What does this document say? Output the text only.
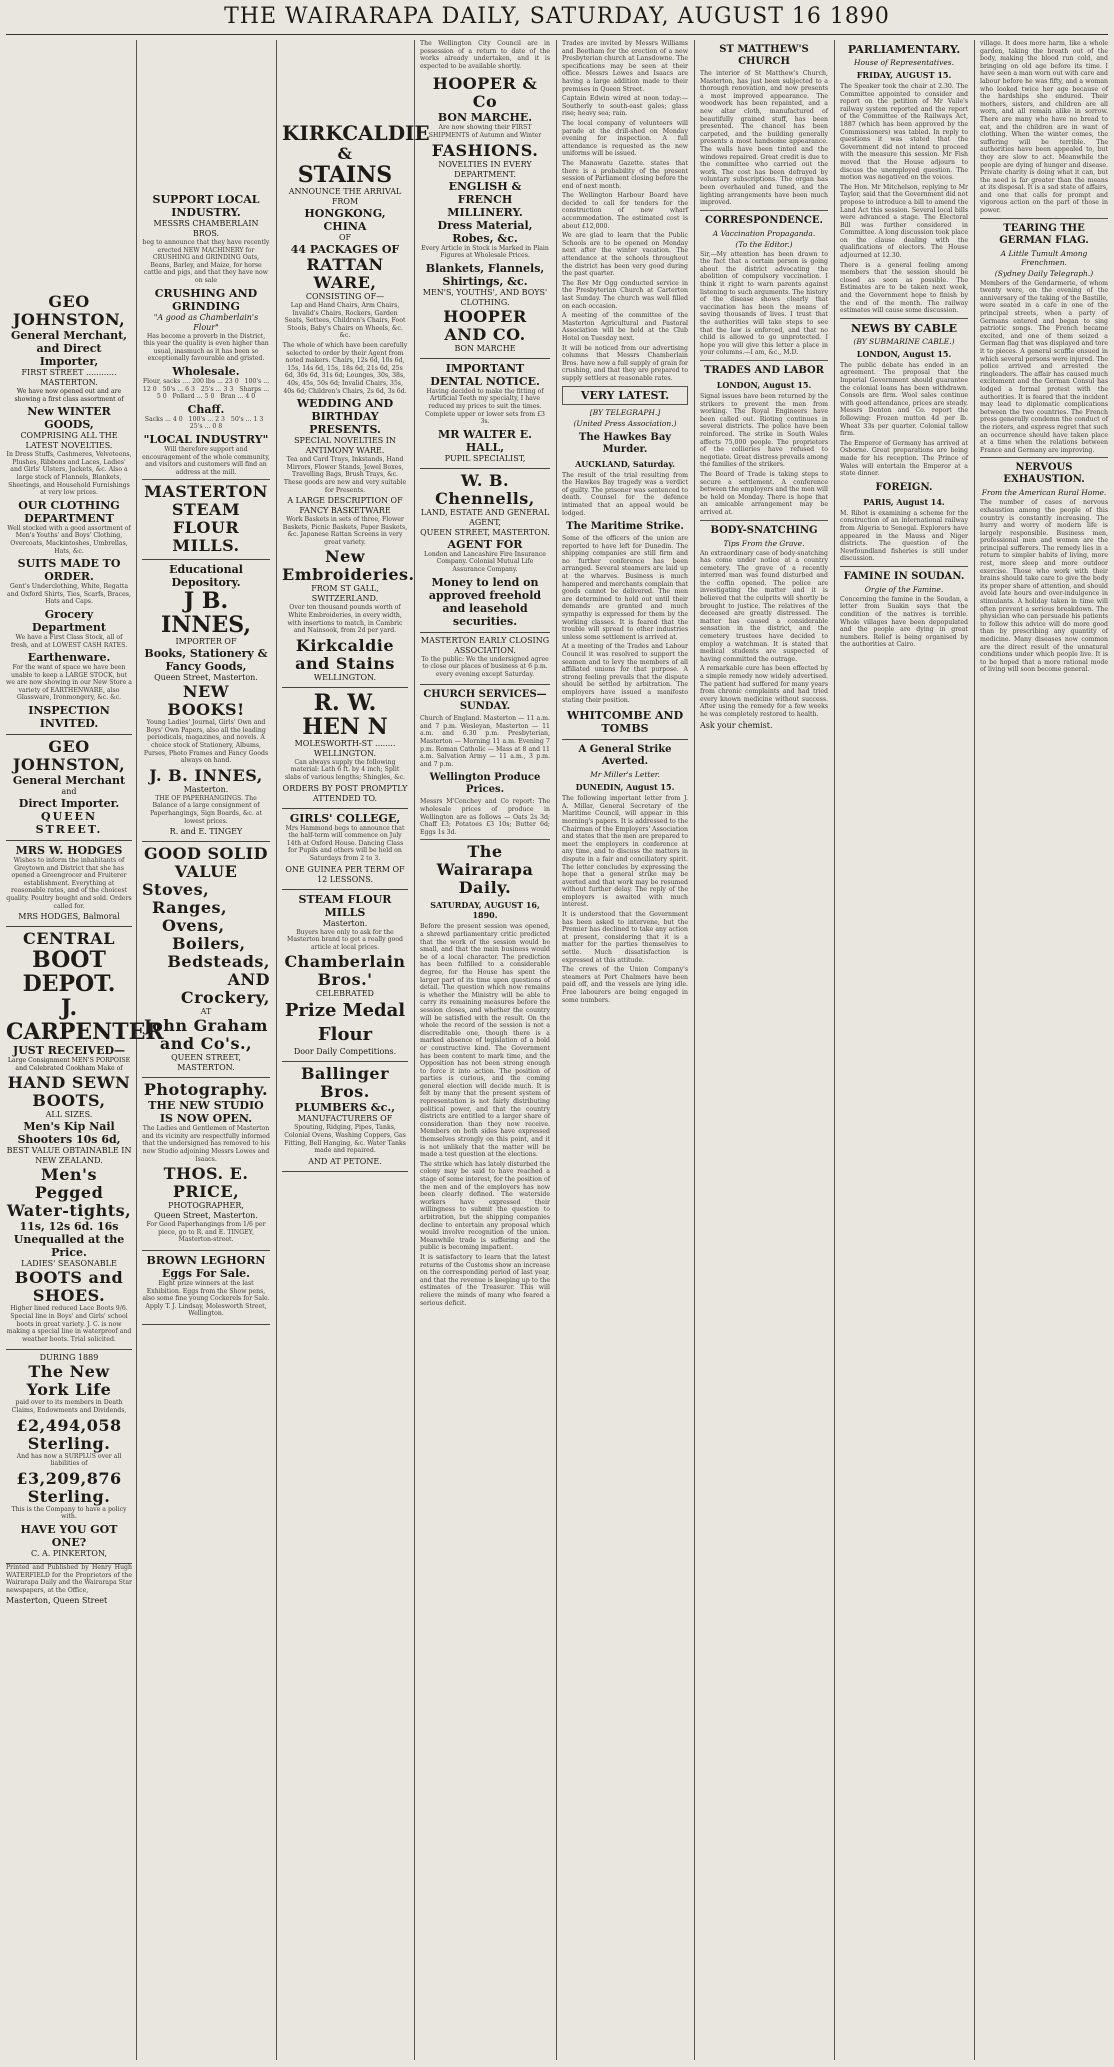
THE WAIRARAPA DAILY, SATURDAY, AUGUST 16 1890
GEO JOHNSTON,
General Merchant,
and Direct Importer,
FIRST STREET ............ MASTERTON.

We have now opened out and are showing a first class assortment of

New WINTER GOODS,
COMPRISING ALL THE LATEST NOVELTIES.

In Dress Stuffs, Cashmeres, Velveteens, Plushes, Ribbons and Laces, Ladies' and Girls' Ulsters, Jackets, &c. Also a large stock of Flannels, Blankets, Sheetings, and Household Furnishings at very low prices.

OUR CLOTHING DEPARTMENT

Well stocked with a good assortment of Men's Youths' and Boys' Clothing, Overcoats, Mackintoshes, Umbrellas, Hats, &c.

SUITS MADE TO ORDER.

Gent's Underclothing, White, Regatta and Oxford Shirts, Ties, Scarfs, Braces, Hats and Caps.

Grocery Department

We have a First Class Stock, all of fresh, and at LOWEST CASH RATES.

Earthenware.

For the want of space we have been unable to keep a LARGE STOCK, but we are now showing in our New Store a variety of EARTHENWARE, also Glassware, Ironmongery, &c. &c.

INSPECTION INVITED.
GEO JOHNSTON,
General Merchant
and
Direct Importer.
QUEEN STREET.
MRS W. HODGES

Wishes to inform the inhabitants of Greytown and District that she has opened a Greengrocer and Fruiterer establishment. Everything at reasonable rates, and of the choicest quality. Poultry bought and sold. Orders called for.

MRS HODGES, Balmoral
CENTRAL
BOOT DEPOT.
J. CARPENTER
JUST RECEIVED—

Large Consignment MEN'S PORPOISE and Celebrated Cookham Make of

HAND SEWN BOOTS,
ALL SIZES.
Men's Kip Nail Shooters 10s 6d,
BEST VALUE OBTAINABLE IN NEW ZEALAND.
Men's Pegged Water-tights,
11s, 12s 6d. 16s
Unequalled at the Price.
LADIES' SEASONABLE
BOOTS and SHOES.

Higher lined reduced Lace Boots 9/6. Special line in Boys' and Girls' school boots in great variety. J. C. is now making a special line in waterproof and weather boots. Trial solicited.

DURING 1889
The New York Life

paid over to its members in Death Claims, Endowments and Dividends,

£2,494,058 Sterling.

And has now a SURPLUS over all liabilities of

£3,209,876 Sterling.

This is the Company to have a policy with.

HAVE YOU GOT ONE?
C. A. PINKERTON,

Printed and Published by Henry Hugh WATERFIELD for the Proprietors of the Wairarapa Daily and the Wairarapa Star newspapers, at the Office,

Masterton, Queen Street
SUPPORT LOCAL INDUSTRY.
MESSRS CHAMBERLAIN BROS.

beg to announce that they have recently erected NEW MACHINERY for CRUSHING and GRINDING Oats, Beans, Barley, and Maize, for horse cattle and pigs, and that they have now on sale

CRUSHING AND GRINDING
"A good as Chamberlain's Flour"

Has become a proverb in the District, this year the quality is even higher than usual, inasmuch as it has been so exceptionally favourable and gristed.

Wholesale.

Flour, sacks .... 200 lbs ... 23 0   100's ... 12 0   50's ... 6 3   25's ... 3 3   Sharps ... 5 0   Pollard ... 5 0   Bran ... 4 0

Chaff.

Sacks ... 4 0   100's ... 2 3   50's ... 1 3   25's ... 0 8

"LOCAL INDUSTRY"

Will therefore support and encouragement of the whole community, and visitors and customers will find an address at the mill.

MASTERTON STEAM
FLOUR MILLS.
Educational Depository.
J B. INNES,
IMPORTER OF
Books, Stationery & Fancy Goods,
Queen Street, Masterton.
NEW BOOKS!

Young Ladies' Journal, Girls' Own and Boys' Own Papers, also all the leading periodicals, magazines, and novels. A choice stock of Stationery, Albums, Purses, Photo Frames and Fancy Goods always on hand.

J. B. INNES,
Masterton.

THE OF PAPERHANGINGS. The Balance of a large consignment of Paperhangings, Sign Boards, &c. at lowest prices.

R. and E. TINGEY
GOOD SOLID VALUE
Stoves,
Ranges,
Ovens,
Boilers,
Bedsteads,
AND Crockery,
AT
John Graham and Co's.,
QUEEN STREET,
MASTERTON.
Photography.
THE NEW STUDIO IS NOW OPEN.

The Ladies and Gentlemen of Masterton and its vicinity are respectfully informed that the undersigned has removed to his new Studio adjoining Messrs Lowes and Isaacs.

THOS. E. PRICE,
PHOTOGRAPHER,
Queen Street, Masterton.

For Good Paperhangings from 1/6 per piece, go to R. and E. TINGEY, Masterton-street.

BROWN LEGHORN Eggs For Sale.

Eight prize winners at the last Exhibition. Eggs from the Show pens, also some fine young Cockerels for Sale. Apply T. J. Lindsay, Molesworth Street, Wellington.

KIRKCALDIE
&
STAINS
ANNOUNCE THE ARRIVAL FROM
HONGKONG, CHINA
OF
44 PACKAGES OF
RATTAN WARE,
CONSISTING OF—

Lap and Hand Chairs, Arm Chairs, Invalid's Chairs, Rockers, Garden Seats, Settees, Children's Chairs, Foot Stools, Baby's Chairs on Wheels, &c. &c.

The whole of which have been carefully selected to order by their Agent from noted makers. Chairs, 12s 6d, 10s 6d, 15s, 14s 6d, 15s, 18s 6d, 21s 6d, 25s 6d, 30s 6d, 31s 6d; Lounges, 30s, 38s, 40s, 45s, 50s 6d; Invalid Chairs, 35s, 40s 6d; Children's Chairs, 2s 6d, 3s 6d.

WEDDING AND BIRTHDAY PRESENTS.
SPECIAL NOVELTIES IN ANTIMONY WARE.

Tea and Card Trays, Inkstands, Hand Mirrors, Flower Stands, Jewel Boxes, Travelling Bags, Brush Trays, &c. These goods are new and very suitable for Presents.

A LARGE DESCRIPTION OF FANCY BASKETWARE

Work Baskets in sets of three, Flower Baskets, Picnic Baskets, Paper Baskets, &c. Japanese Rattan Screens in very great variety.

New Embroideries.
FROM ST GALL, SWITZERLAND.

Over ten thousand pounds worth of White Embroideries, in every width, with insertions to match, in Cambric and Nainsook, from 2d per yard.

Kirkcaldie and Stains
WELLINGTON.
R. W. HEN N
MOLESWORTH-ST ........ WELLINGTON.

Can always supply the following material: Lath 6 ft. by 4 inch; Split slabs of various lengths; Shingles, &c.

ORDERS BY POST PROMPTLY ATTENDED TO.
GIRLS' COLLEGE,

Mrs Hammond begs to announce that the half-term will commence on July 14th at Oxford House. Dancing Class for Pupils and others will be held on Saturdays from 2 to 3.

ONE GUINEA PER TERM OF 12 LESSONS.
STEAM FLOUR MILLS
Masterton.

Buyers have only to ask for the Masterton brand to get a really good article at local prices.

Chamberlain Bros.'
CELEBRATED
Prize Medal Flour
Door Daily Competitions.
Ballinger Bros.
PLUMBERS &c.,
MANUFACTURERS OF

Spouting, Ridging, Pipes, Tanks, Colonial Ovens, Washing Coppers, Gas Fitting, Bell Hanging, &c. Water Tanks made and repaired.

AND AT PETONE.

The Wellington City Council are in possession of a return to date of the works already undertaken, and it is expected to be available shortly.

HOOPER & Co
BON MARCHE.

Are now showing their FIRST SHIPMENTS of Autumn and Winter

FASHIONS.
NOVELTIES IN EVERY DEPARTMENT.
ENGLISH & FRENCH MILLINERY.
Dress Material, Robes, &c.

Every Article in Stock is Marked in Plain Figures at Wholesale Prices.

Blankets, Flannels, Shirtings, &c.
MEN'S, YOUTHS', AND BOYS' CLOTHING.
HOOPER AND CO.
BON MARCHE
IMPORTANT DENTAL NOTICE.

Having decided to make the fitting of Artificial Teeth my specialty, I have reduced my prices to suit the times. Complete upper or lower sets from £3 3s.

MR WALTER E. HALL,
PUPIL SPECIALIST,
W. B. Chennells,
LAND, ESTATE AND GENERAL AGENT,
QUEEN STREET, MASTERTON.
AGENT FOR

London and Lancashire Fire Insurance Company. Colonial Mutual Life Assurance Company.

Money to lend on approved freehold and leasehold securities.
MASTERTON EARLY CLOSING ASSOCIATION.

To the public: We the undersigned agree to close our places of business at 6 p.m. every evening except Saturday.

CHURCH SERVICES—SUNDAY.

Church of England. Masterton — 11 a.m. and 7 p.m. Wesleyan, Masterton — 11 a.m. and 6.30 p.m. Presbyterian, Masterton — Morning 11 a.m. Evening 7 p.m. Roman Catholic — Mass at 8 and 11 a.m. Salvation Army — 11 a.m., 3 p.m. and 7 p.m.

Wellington Produce Prices.

Messrs M'Conchey and Co report: The wholesale prices of produce in Wellington are as follows — Oats 2s 3d; Chaff £3; Potatoes £3 10s; Butter 6d; Eggs 1s 3d.

The Wairarapa Daily.
SATURDAY, AUGUST 16, 1890.

Before the present session was opened, a shrewd parliamentary critic predicted that the work of the session would be small, and that the main business would be of a local character. The prediction has been fulfilled to a considerable degree, for the House has spent the larger part of its time upon questions of detail. The question which now remains is whether the Ministry will be able to carry its remaining measures before the session closes, and whether the country will be satisfied with the result. On the whole the record of the session is not a discreditable one, though there is a marked absence of legislation of a bold or constructive kind. The Government has been content to mark time, and the Opposition has not been strong enough to force it into action. The position of parties is curious, and the coming general election will decide much. It is felt by many that the present system of representation is not fairly distributing political power, and that the country districts are entitled to a larger share of consideration than they now receive. Members on both sides have expressed themselves strongly on this point, and it is not unlikely that the matter will be made a test question at the elections.

The strike which has lately disturbed the colony may be said to have reached a stage of some interest, for the position of the men and of the employers has now been clearly defined. The waterside workers have expressed their willingness to submit the question to arbitration, but the shipping companies decline to entertain any proposal which would involve recognition of the union. Meanwhile trade is suffering and the public is becoming impatient.

It is satisfactory to learn that the latest returns of the Customs show an increase on the corresponding period of last year, and that the revenue is keeping up to the estimates of the Treasurer. This will relieve the minds of many who feared a serious deficit.

Trades are invited by Messrs Williams and Beetham for the erection of a new Presbyterian church at Lansdowne. The specifications may be seen at their office. Messrs Lowes and Isaacs are having a large addition made to their premises in Queen Street.

Captain Edwin wired at noon today:— Southerly to south-east gales; glass rise; heavy sea; rain.

The local company of volunteers will parade at the drill-shed on Monday evening for inspection. A full attendance is requested as the new uniforms will be issued.

The Manawatu Gazette. states that there is a probability of the present session of Parliament closing before the end of next month.

The Wellington Harbour Board have decided to call for tenders for the construction of new wharf accommodation. The estimated cost is about £12,000.

We are glad to learn that the Public Schools are to be opened on Monday next after the winter vacation. The attendance at the schools throughout the district has been very good during the past quarter.

The Rev Mr Ogg conducted service in the Presbyterian Church at Carterton last Sunday. The church was well filled on each occasion.

A meeting of the committee of the Masterton Agricultural and Pastoral Association will be held at the Club Hotel on Tuesday next.

It will be noticed from our advertising columns that Messrs Chamberlain Bros. have now a full supply of grain for crushing, and that they are prepared to supply settlers at reasonable rates.

VERY LATEST.
[BY TELEGRAPH.]
(United Press Association.)
The Hawkes Bay Murder.
AUCKLAND, Saturday.

The result of the trial resulting from the Hawkes Bay tragedy was a verdict of guilty. The prisoner was sentenced to death. Counsel for the defence intimated that an appeal would be lodged.

The Maritime Strike.

Some of the officers of the union are reported to have left for Dunedin. The shipping companies are still firm and no further conference has been arranged. Several steamers are laid up at the wharves. Business is much hampered and merchants complain that goods cannot be delivered. The men are determined to hold out until their demands are granted and much sympathy is expressed for them by the working classes. It is feared that the trouble will spread to other industries unless some settlement is arrived at.

At a meeting of the Trades and Labour Council it was resolved to support the seamen and to levy the members of all affiliated unions for that purpose. A strong feeling prevails that the dispute should be settled by arbitration. The employers have issued a manifesto stating their position.

WHITCOMBE AND TOMBS
A General Strike Averted.
Mr Miller's Letter.
DUNEDIN, August 15.

The following important letter from J. A. Millar, General Secretary of the Maritime Council, will appear in this morning's papers. It is addressed to the Chairman of the Employers' Association and states that the men are prepared to meet the employers in conference at any time, and to discuss the matters in dispute in a fair and conciliatory spirit. The letter concludes by expressing the hope that a general strike may be averted and that work may be resumed without further delay. The reply of the employers is awaited with much interest.

It is understood that the Government has been asked to intervene, but the Premier has declined to take any action at present, considering that it is a matter for the parties themselves to settle. Much dissatisfaction is expressed at this attitude.

The crews of the Union Company's steamers at Port Chalmers have been paid off, and the vessels are lying idle. Free labourers are being engaged in some numbers.

ST MATTHEW'S CHURCH

The interior of St Matthew's Church, Masterton, has just been subjected to a thorough renovation, and now presents a most improved appearance. The woodwork has been repainted, and a new altar cloth, manufactured of beautifully grained stuff, has been presented. The chancel has been carpeted, and the building generally presents a most handsome appearance. The walls have been tinted and the windows repaired. Great credit is due to the committee who carried out the work. The cost has been defrayed by voluntary subscriptions. The organ has been overhauled and tuned, and the lighting arrangements have been much improved.

CORRESPONDENCE.
A Vaccination Propaganda.
(To the Editor.)

Sir,—My attention has been drawn to the fact that a certain person is going about the district advocating the abolition of compulsory vaccination. I think it right to warn parents against listening to such arguments. The history of the disease shows clearly that vaccination has been the means of saving thousands of lives. I trust that the authorities will take steps to see that the law is enforced, and that no child is allowed to go unprotected. I hope you will give this letter a place in your columns.—I am, &c., M.D.

TRADES AND LABOR
LONDON, August 15.

Signal issues have been returned by the strikers to prevent the men from working. The Royal Engineers have been called out. Rioting continues in several districts. The police have been reinforced. The strike in South Wales affects 75,000 people. The proprietors of the collieries have refused to negotiate. Great distress prevails among the families of the strikers.

The Board of Trade is taking steps to secure a settlement. A conference between the employers and the men will be held on Monday. There is hope that an amicable arrangement may be arrived at.

BODY-SNATCHING
Tips From the Grave.

An extraordinary case of body-snatching has come under notice at a country cemetery. The grave of a recently interred man was found disturbed and the coffin opened. The police are investigating the matter and it is believed that the culprits will shortly be brought to justice. The relatives of the deceased are greatly distressed. The matter has caused a considerable sensation in the district, and the cemetery trustees have decided to employ a watchman. It is stated that medical students are suspected of having committed the outrage.

A remarkable cure has been effected by a simple remedy now widely advertised. The patient had suffered for many years from chronic complaints and had tried every known medicine without success. After using the remedy for a few weeks he was completely restored to health.

Ask your chemist.
PARLIAMENTARY.
House of Representatives.
FRIDAY, AUGUST 15.

The Speaker took the chair at 2.30. The Committee appointed to consider and report on the petition of Mr Vaile's railway system reported and the report of the Committee of the Railways Act, 1887 (which has been approved by the Commissioners) was tabled. In reply to questions it was stated that the Government did not intend to proceed with the measure this session. Mr Fish moved that the House adjourn to discuss the unemployed question. The motion was negatived on the voices.

The Hon. Mr Mitchelson, replying to Mr Taylor, said that the Government did not propose to introduce a bill to amend the Land Act this session. Several local bills were advanced a stage. The Electoral Bill was further considered in Committee. A long discussion took place on the clause dealing with the qualifications of electors. The House adjourned at 12.30.

There is a general feeling among members that the session should be closed as soon as possible. The Estimates are to be taken next week, and the Government hope to finish by the end of the month. The railway estimates will cause some discussion.

NEWS BY CABLE
(BY SUBMARINE CABLE.)
LONDON, August 15.

The public debate has ended in an agreement. The proposal that the Imperial Government should guarantee the colonial loans has been withdrawn. Consols are firm. Wool sales continue with good attendance, prices are steady. Messrs Denton and Co. report the following: Frozen mutton 4d per lb. Wheat 33s per quarter. Colonial tallow firm.

The Emperor of Germany has arrived at Osborne. Great preparations are being made for his reception. The Prince of Wales will entertain the Emperor at a state dinner.

FOREIGN.
PARIS, August 14.

M. Ribot is examining a scheme for the construction of an international railway from Algeria to Senegal. Explorers have appeared in the Mauss and Niger districts. The question of the Newfoundland fisheries is still under discussion.

FAMINE IN SOUDAN.
Orgie of the Famine.

Concerning the famine in the Soudan, a letter from Suakin says that the condition of the natives is terrible. Whole villages have been depopulated and the people are dying in great numbers. Relief is being organised by the authorities at Cairo.

village. It does more harm, like a whole garden, taking the breath out of the body, making the blood run cold, and bringing on old age before its time. I have seen a man worn out with care and labour before he was fifty, and a woman who looked twice her age because of the hardships she endured. Their mothers, sisters, and children are all worn, and all remain alike in sorrow. There are many who have no bread to eat, and the children are in want of clothing. When the winter comes, the suffering will be terrible. The authorities have been appealed to, but they are slow to act. Meanwhile the people are dying of hunger and disease. Private charity is doing what it can, but the need is far greater than the means at its disposal. It is a sad state of affairs, and one that calls for prompt and vigorous action on the part of those in power.

TEARING THE GERMAN FLAG.
A Little Tumult Among Frenchmen.
(Sydney Daily Telegraph.)

Members of the Gendarmerie, of whom twenty were, on the evening of the anniversary of the taking of the Bastille, were seated in a cafe in one of the principal streets, when a party of Germans entered and began to sing patriotic songs. The French became excited, and one of them seized a German flag that was displayed and tore it to pieces. A general scuffle ensued in which several persons were injured. The police arrived and arrested the ringleaders. The affair has caused much excitement and the German Consul has lodged a formal protest with the authorities. It is feared that the incident may lead to diplomatic complications between the two countries. The French press generally condemn the conduct of the rioters, and express regret that such an occurrence should have taken place at a time when the relations between France and Germany are improving.

NERVOUS EXHAUSTION.
From the American Rural Home.

The number of cases of nervous exhaustion among the people of this country is constantly increasing. The hurry and worry of modern life is largely responsible. Business men, professional men and women are the principal sufferers. The remedy lies in a return to simpler habits of living, more rest, more sleep and more outdoor exercise. Those who work with their brains should take care to give the body its proper share of attention, and should avoid late hours and over-indulgence in stimulants. A holiday taken in time will often prevent a serious breakdown. The physician who can persuade his patients to follow this advice will do more good than by prescribing any quantity of medicine. Many diseases now common are the direct result of the unnatural conditions under which people live. It is to be hoped that a more rational mode of living will soon become general.
